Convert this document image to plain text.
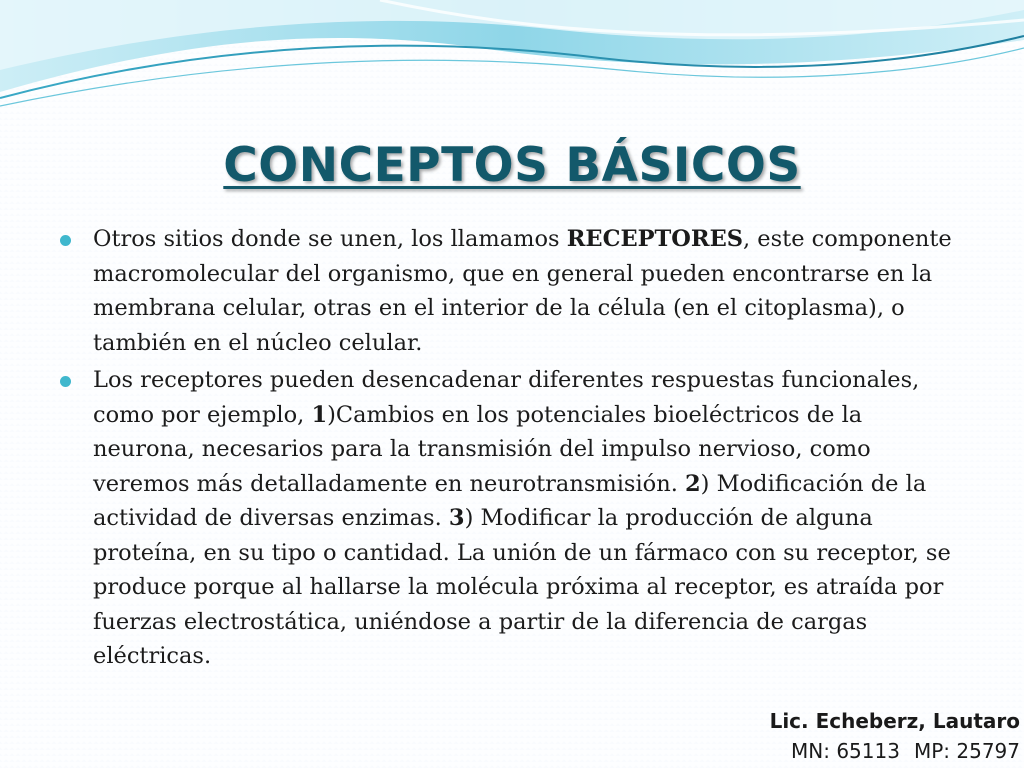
CONCEPTOS BÁSICOS
Otros sitios donde se unen, los llamamos RECEPTORES, este componente macromolecular del organismo, que en general pueden encontrarse en la membrana celular, otras en el interior de la célula (en el citoplasma), o también en el núcleo celular.
Los receptores pueden desencadenar diferentes respuestas funcionales, como por ejemplo, 1)Cambios en los potenciales bioeléctricos de la neurona, necesarios para la transmisión del impulso nervioso, como veremos más detalladamente en neurotransmisión. 2) Modificación de la actividad de diversas enzimas. 3) Modificar la producción de alguna proteína, en su tipo o cantidad. La unión de un fármaco con su receptor, se produce porque al hallarse la molécula próxima al receptor, es atraída por fuerzas electrostática, uniéndose a partir de la diferencia de cargas eléctricas.
Lic. Echeberz, Lautaro
MN: 65113 MP: 25797
